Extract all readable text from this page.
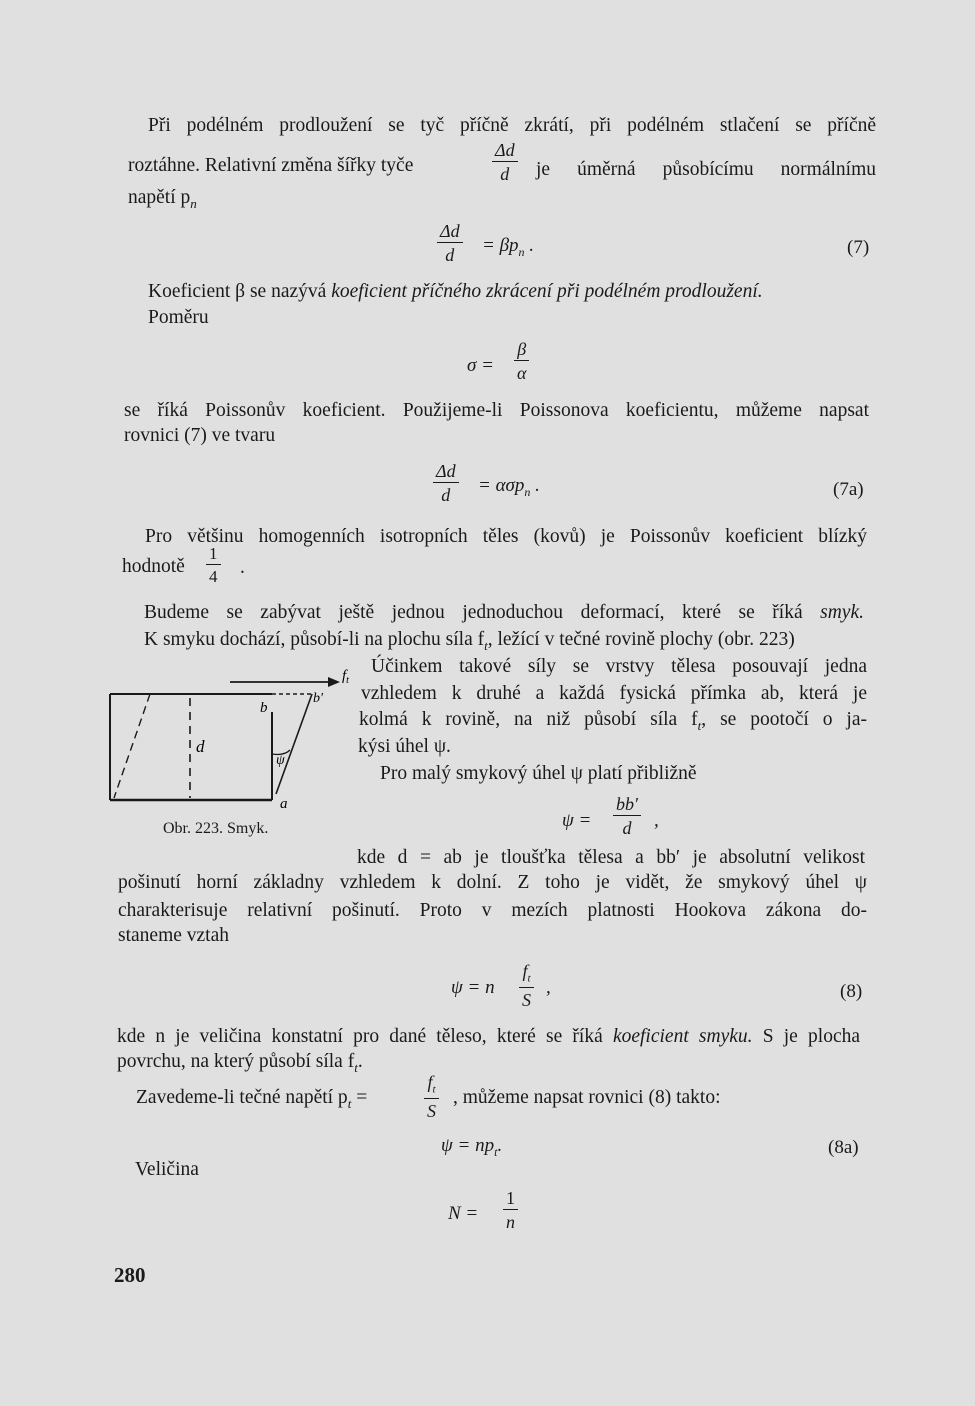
Při podélném prodloužení se tyč příčně zkrátí, při podélném stlačení se příčně
roztáhne. Relativní změna šířky tyče
Δd
d je úměrná působícímu normálnímu
napětí $p_n$
Δd
$d = \beta p_n$ .	(7)
Koeficient β se nazývá koeficient příčného zkrácení při podélném prodloužení.
Poměru
σ =
β
α
se říká Poissonův koeficient. Použijeme-li Poissonova koeficientu, můžeme napsat
rovnici (7) ve tvaru
Δd
d = ασp$_n$ .	(7a)
Pro většinu homogenních isotropních těles (kovů) je Poissonův koeficient blízký
hodnotě
1
4 .
Budeme se zabývat ještě jednou jednoduchou deformací, které se říká smyk.
K smyku dochází, působí-li na plochu síla $f_t$, ležící v tečné rovině plochy (obr. 223)
Účinkem takové síly se vrstvy tělesa posouvají jedna
vzhledem k druhé a každá fysická přímka ab, která je
kolmá k rovině, na niž působí síla $f_t$, se pootočí o ja-
kýsi úhel ψ.
Pro malý smykový úhel ψ platí přibližně
$f_t$
b′
b
d
ψ
a
Obr. 223. Smyk.	ψ =
bb′
d ,
kde d = ab je tloušťka tělesa a bb′ je absolutní velikost
pošinutí horní základny vzhledem k dolní. Z toho je vidět, že smykový úhel ψ
charakterisuje relativní pošinutí. Proto v mezích platnosti Hookova zákona do-
staneme vztah
ψ = n
$f_t$
S
,	(8)
kde n je veličina konstatní pro dané těleso, které se říká koeficient smyku. S je plocha
povrchu, na který působí síla $f_t$.
Zavedeme-li tečné napětí $p_t$ =
$f_t$
S
, můžeme napsat rovnici (8) takto:
$\psi = np_t$.	(8a)
Veličina
N =
1
n
280
